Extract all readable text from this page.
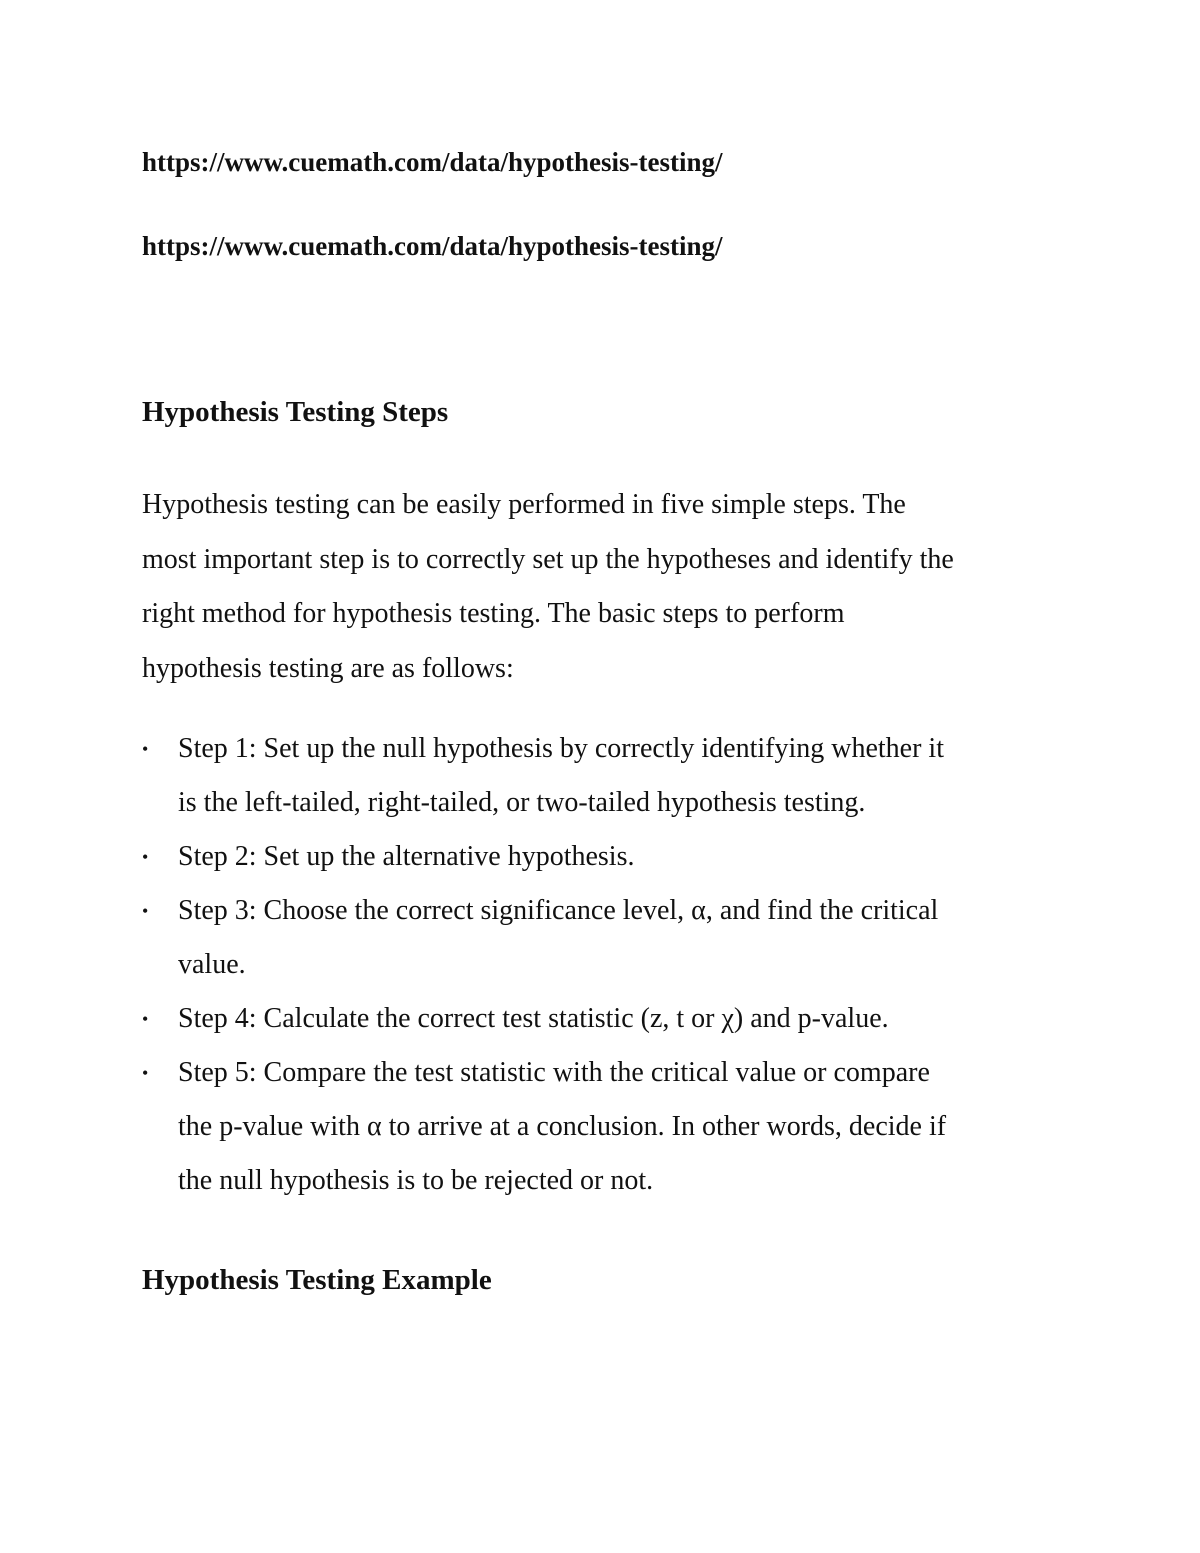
https://www.cuemath.com/data/hypothesis-testing/
https://www.cuemath.com/data/hypothesis-testing/
Hypothesis Testing Steps
Hypothesis testing can be easily performed in five simple steps. The
most important step is to correctly set up the hypotheses and identify the
right method for hypothesis testing. The basic steps to perform
hypothesis testing are as follows:
• Step 1: Set up the null hypothesis by correctly identifying whether it
is the left-tailed, right-tailed, or two-tailed hypothesis testing.
• Step 2: Set up the alternative hypothesis.
• Step 3: Choose the correct significance level, α, and find the critical
value.
• Step 4: Calculate the correct test statistic (z, t or χ) and p-value.
• Step 5: Compare the test statistic with the critical value or compare
the p-value with α to arrive at a conclusion. In other words, decide if
the null hypothesis is to be rejected or not.
Hypothesis Testing Example
